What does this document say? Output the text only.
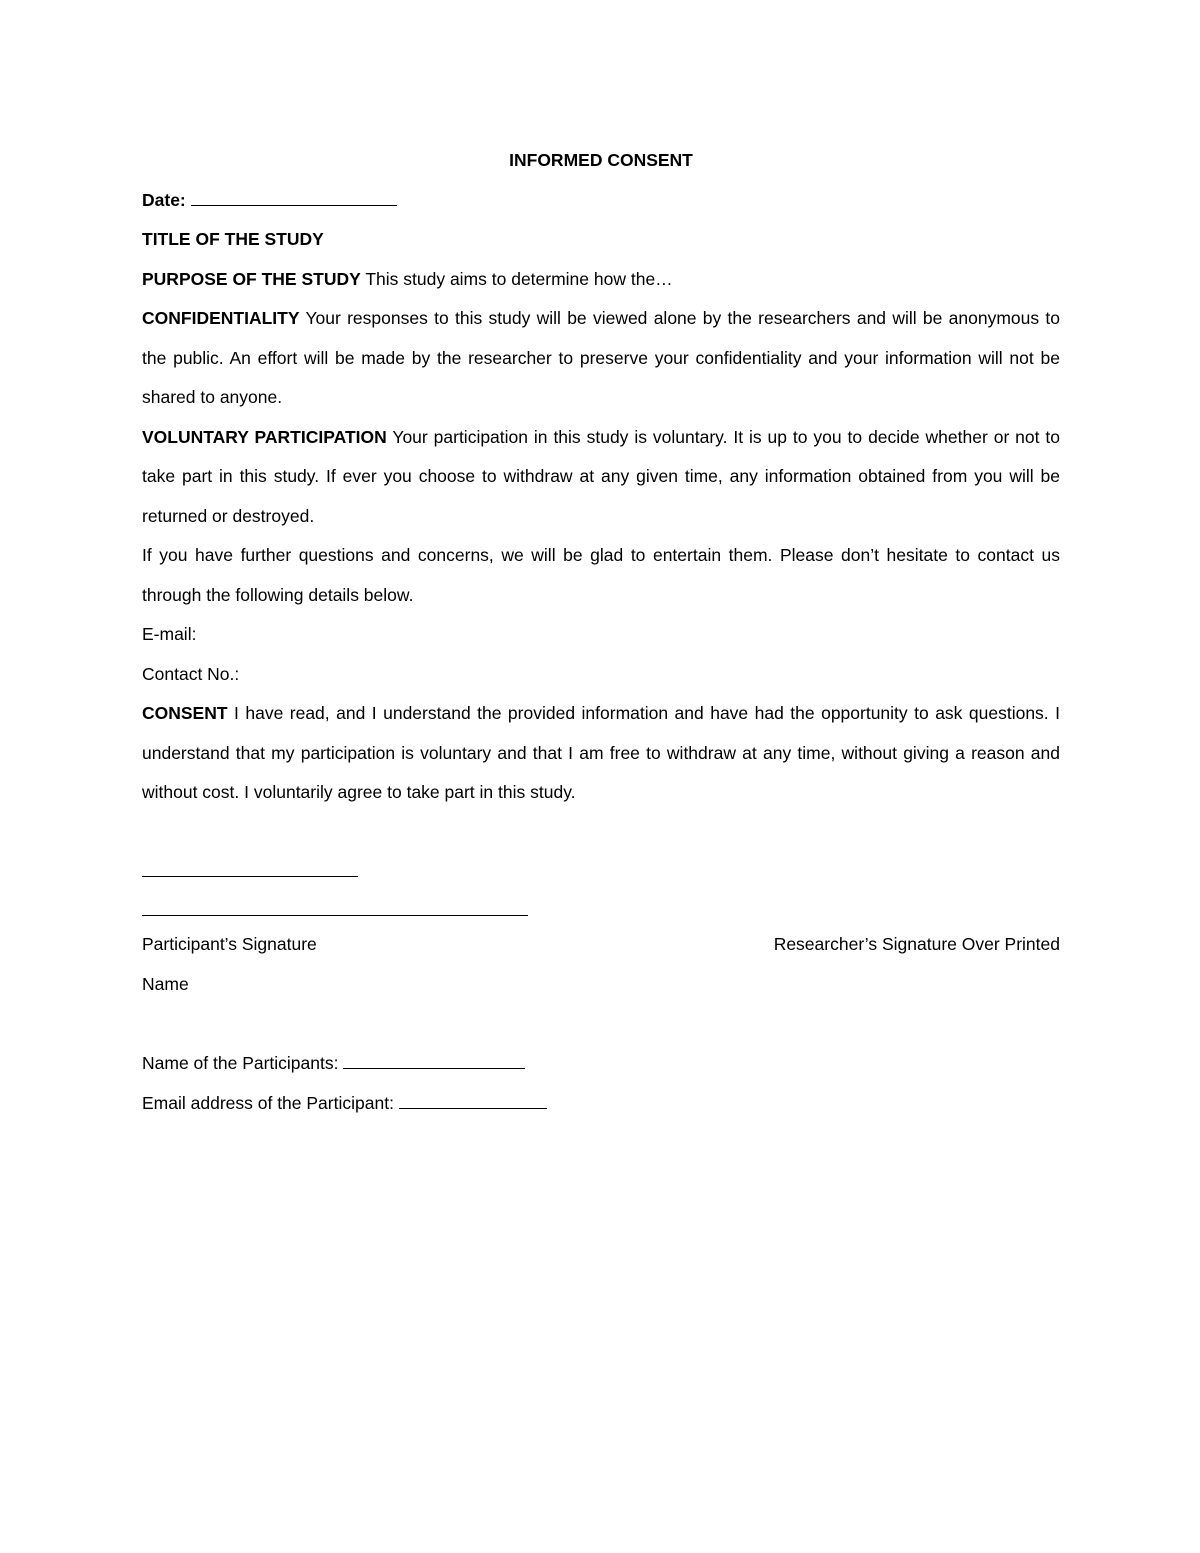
INFORMED CONSENT

Date:

TITLE OF THE STUDY

PURPOSE OF THE STUDY This study aims to determine how the…

CONFIDENTIALITY Your responses to this study will be viewed alone by the researchers and will be anonymous to the public. An effort will be made by the researcher to preserve your confidentiality and your information will not be shared to anyone.

VOLUNTARY PARTICIPATION Your participation in this study is voluntary. It is up to you to decide whether or not to take part in this study. If ever you choose to withdraw at any given time, any information obtained from you will be returned or destroyed.

If you have further questions and concerns, we will be glad to entertain them. Please don’t hesitate to contact us through the following details below.

E-mail:

Contact No.:

CONSENT I have read, and I understand the provided information and have had the opportunity to ask questions. I understand that my participation is voluntary and that I am free to withdraw at any time, without giving a reason and without cost. I voluntarily agree to take part in this study.

Participant’s Signature	Researcher’s Signature Over Printed
Name
Name of the Participants:
Email address of the Participant:
